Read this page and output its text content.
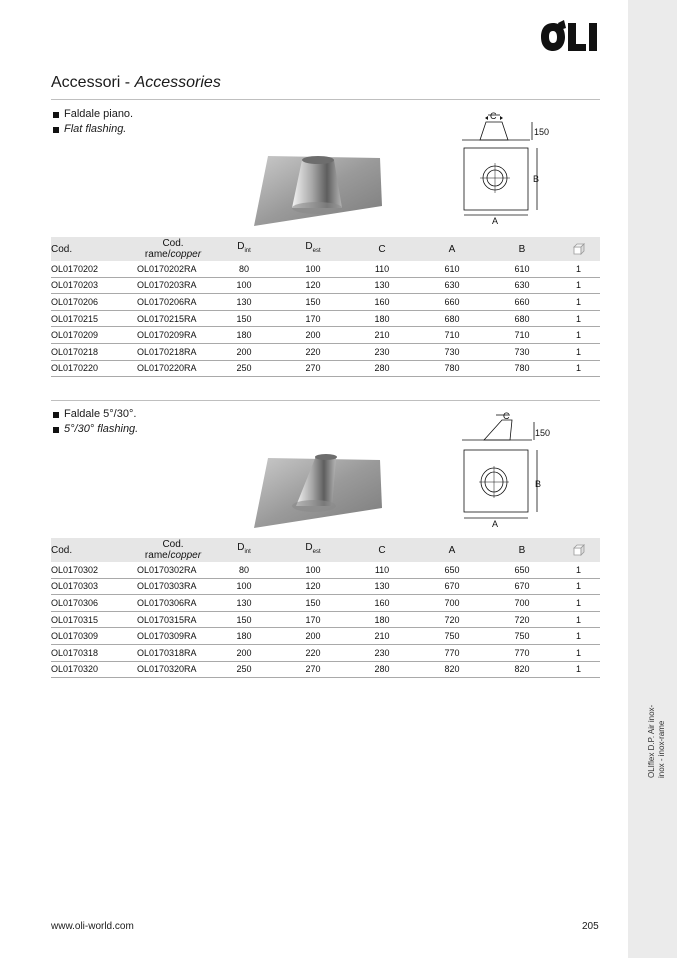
Accessori - Accessories
Faldale piano.
Flat flashing.
C
150
B
A
Cod.	Cod.
rame/copper	$D_{int}$	$D_{est}$	C	A	B	
OL0170202	OL0170202RA	80	100	110	610	610	1
OL0170203	OL0170203RA	100	120	130	630	630	1
OL0170206	OL0170206RA	130	150	160	660	660	1
OL0170215	OL0170215RA	150	170	180	680	680	1
OL0170209	OL0170209RA	180	200	210	710	710	1
OL0170218	OL0170218RA	200	220	230	730	730	1
OL0170220	OL0170220RA	250	270	280	780	780	1
Faldale 5°/30°.
5°/30° flashing.
C
150
B
A
Cod.	Cod.
rame/copper	$D_{int}$	$D_{est}$	C	A	B	
OL0170302	OL0170302RA	80	100	110	650	650	1
OL0170303	OL0170303RA	100	120	130	670	670	1
OL0170306	OL0170306RA	130	150	160	700	700	1
OL0170315	OL0170315RA	150	170	180	720	720	1
OL0170309	OL0170309RA	180	200	210	750	750	1
OL0170318	OL0170318RA	200	220	230	770	770	1
OL0170320	OL0170320RA	250	270	280	820	820	1
www.oli-world.com	205
